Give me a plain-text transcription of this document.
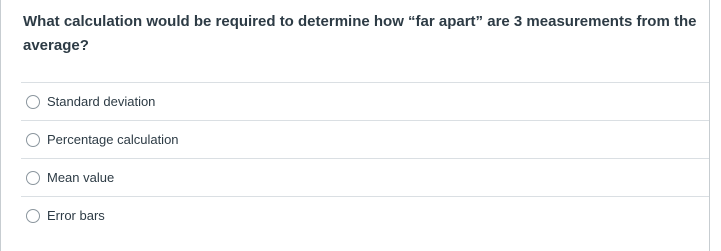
What calculation would be required to determine how “far apart” are 3 measurements from the average?

Standard deviation
Percentage calculation
Mean value
Error bars
